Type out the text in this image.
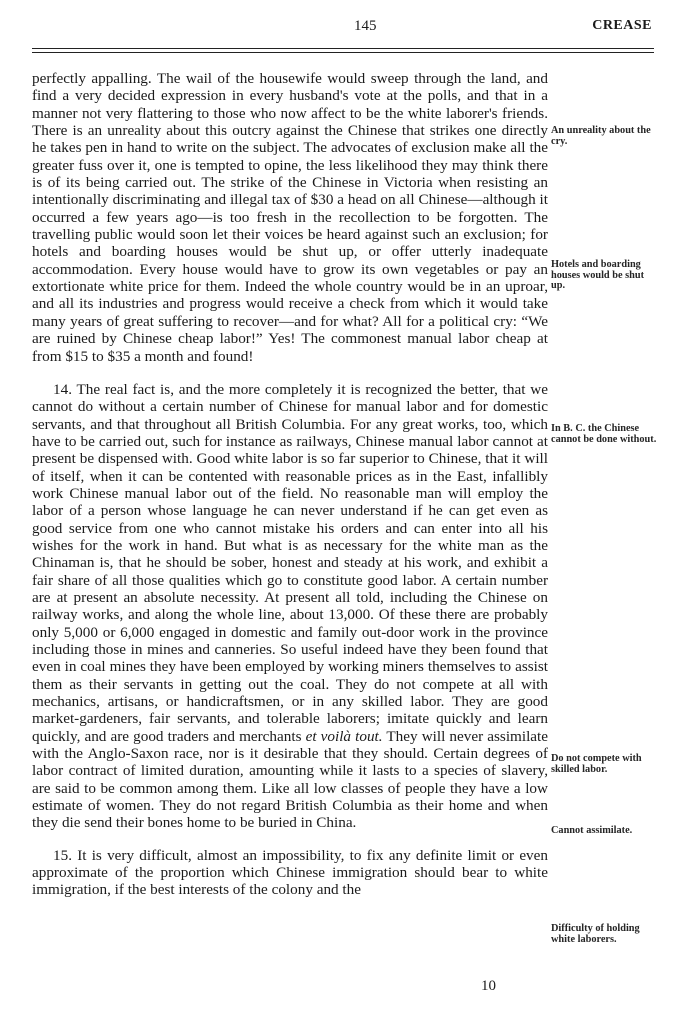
145	CREASE

perfectly appalling. The wail of the housewife would sweep through the land, and find a very decided expression in every husband's vote at the polls, and that in a manner not very flattering to those who now affect to be the white laborer's friends. There is an unreality about this outcry against the Chinese that strikes one directly he takes pen in hand to write on the subject. The advocates of exclusion make all the greater fuss over it, one is tempted to opine, the less likelihood they may think there is of its being carried out. The strike of the Chinese in Victoria when resisting an intentionally discriminating and illegal tax of $30 a head on all Chinese—although it occurred a few years ago—is too fresh in the recollection to be forgotten. The travelling public would soon let their voices be heard against such an exclusion; for hotels and boarding houses would be shut up, or offer utterly inadequate accommodation. Every house would have to grow its own vegetables or pay an extortionate white price for them. Indeed the whole country would be in an uproar, and all its industries and progress would receive a check from which it would take many years of great suffering to recover—and for what? All for a political cry: “We are ruined by Chinese cheap labor!” Yes! The commonest manual labor cheap at from $15 to $35 a month and found!

14. The real fact is, and the more completely it is recognized the better, that we cannot do without a certain number of Chinese for manual labor and for domestic servants, and that throughout all British Columbia. For any great works, too, which have to be carried out, such for instance as railways, Chinese manual labor cannot at present be dispensed with. Good white labor is so far superior to Chinese, that it will of itself, when it can be contented with reasonable prices as in the East, infallibly work Chinese manual labor out of the field. No reasonable man will employ the labor of a person whose language he can never understand if he can get even as good service from one who cannot mistake his orders and can enter into all his wishes for the work in hand. But what is as necessary for the white man as the Chinaman is, that he should be sober, honest and steady at his work, and exhibit a fair share of all those qualities which go to constitute good labor. A certain number are at present an absolute necessity. At present all told, including the Chinese on railway works, and along the whole line, about 13,000. Of these there are probably only 5,000 or 6,000 engaged in domestic and family out-door work in the province including those in mines and canneries. So useful indeed have they been found that even in coal mines they have been employed by working miners themselves to assist them as their servants in getting out the coal. They do not compete at all with mechanics, artisans, or handicraftsmen, or in any skilled labor. They are good market-gardeners, fair servants, and tolerable laborers; imitate quickly and learn quickly, and are good traders and merchants et voilà tout. They will never assimilate with the Anglo-Saxon race, nor is it desirable that they should. Certain degrees of labor contract of limited duration, amounting while it lasts to a species of slavery, are said to be common among them. Like all low classes of people they have a low estimate of women. They do not regard British Columbia as their home and when they die send their bones home to be buried in China.

15. It is very difficult, almost an impossibility, to fix any definite limit or even approximate of the proportion which Chinese immigration should bear to white immigration, if the best interests of the colony and the

An unreality about the cry.
Hotels and boarding houses would be shut up.
In B. C. the Chinese cannot be done without.
Do not compete with skilled labor.
Cannot assimilate.
Difficulty of holding white laborers.
10
